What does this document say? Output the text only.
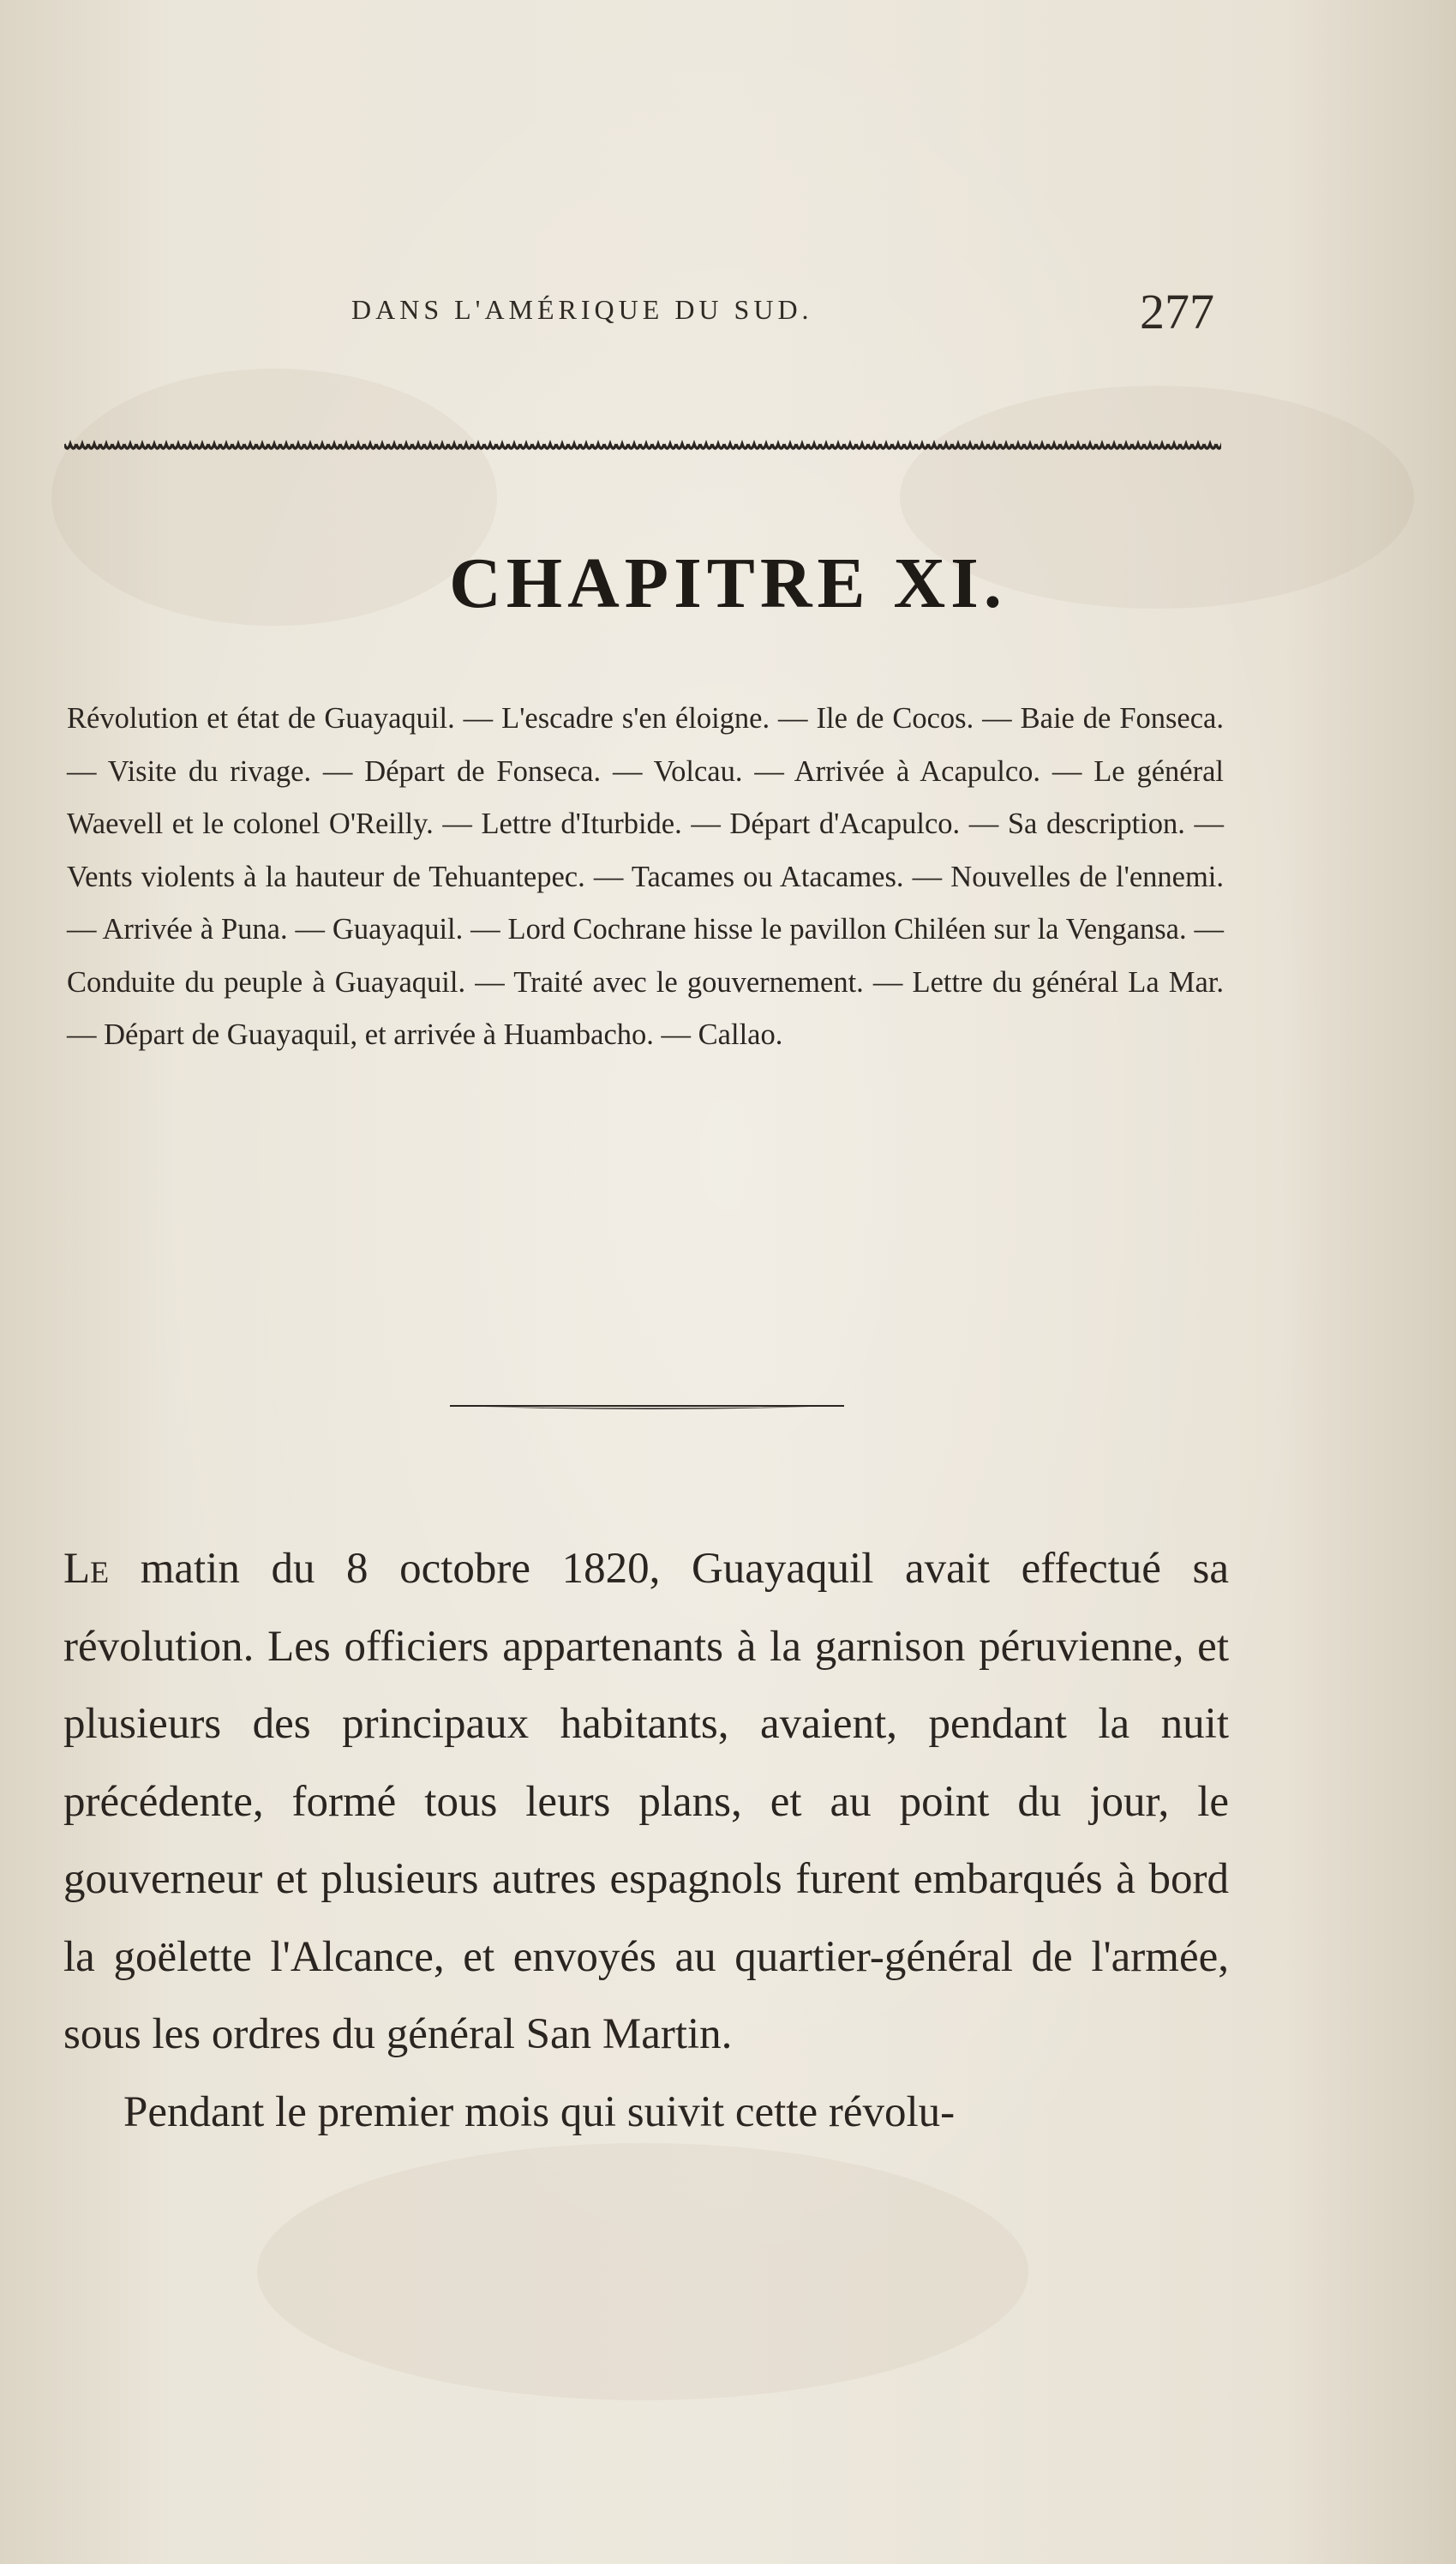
DANS L'AMÉRIQUE DU SUD.	277
CHAPITRE XI.
Révolution et état de Guayaquil. — L'escadre s'en éloigne. — Ile de Cocos. — Baie de Fonseca. — Visite du rivage. — Départ de Fonseca. — Volcau. — Arrivée à Acapulco. — Le général Waevell et le colonel O'Reilly. — Lettre d'Iturbide. — Départ d'Acapulco. — Sa description. — Vents violents à la hauteur de Tehuantepec. — Tacames ou Atacames. — Nouvelles de l'ennemi. — Arrivée à Puna. — Guayaquil. — Lord Cochrane hisse le pavillon Chiléen sur la Vengansa. — Conduite du peuple à Guayaquil. — Traité avec le gouvernement. — Lettre du général La Mar. — Départ de Guayaquil, et arrivée à Huambacho. — Callao.

Le matin du 8 octobre 1820, Guayaquil avait effectué sa révolution. Les officiers appartenants à la garnison péruvienne, et plusieurs des principaux habitants, avaient, pendant la nuit précédente, formé tous leurs plans, et au point du jour, le gouverneur et plusieurs autres espagnols furent embarqués à bord la goëlette l'Alcance, et envoyés au quartier-général de l'armée, sous les ordres du général San Martin.

Pendant le premier mois qui suivit cette révolu-
